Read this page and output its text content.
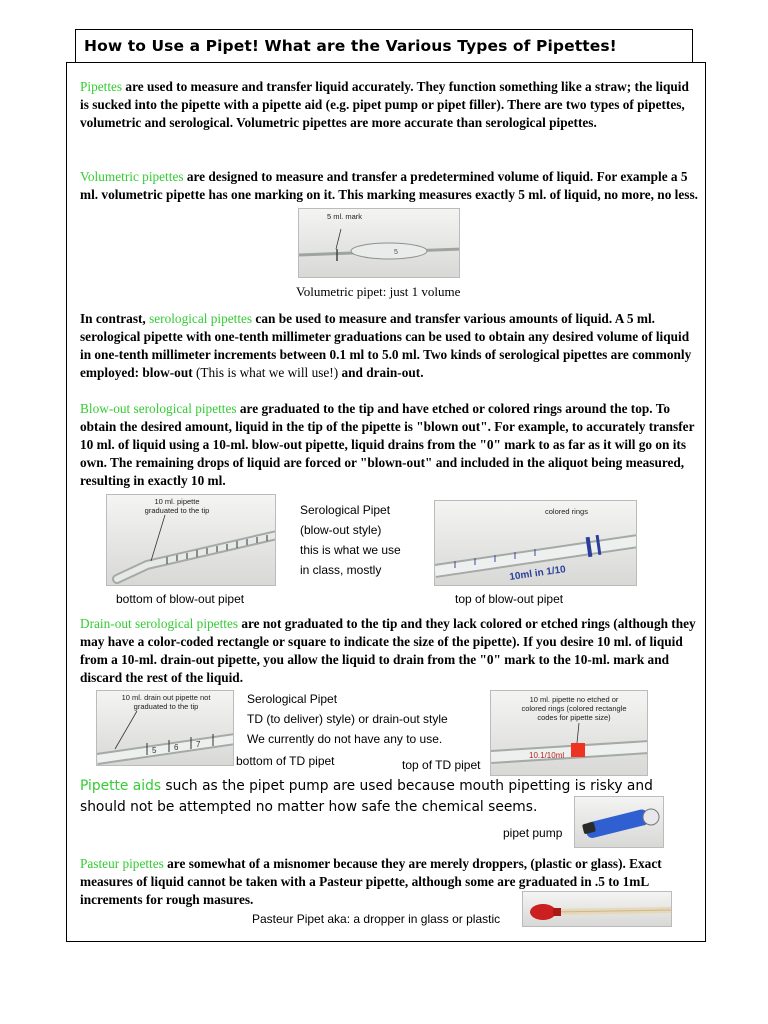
How to Use a Pipet! What are the Various Types of Pipettes!
Pipettes are used to measure and transfer liquid accurately. They function something like a straw; the liquid is sucked into the pipette with a pipette aid (e.g. pipet pump or pipet filler). There are two types of pipettes, volumetric and serological. Volumetric pipettes are more accurate than serological pipettes.
Volumetric pipettes are designed to measure and transfer a predetermined volume of liquid. For example a 5 ml. volumetric pipette has one marking on it. This marking measures exactly 5 ml. of liquid, no more, no less.
5
5 ml. mark
Volumetric pipet: just 1 volume
In contrast, serological pipettes can be used to measure and transfer various amounts of liquid. A 5 ml. serological pipette with one-tenth millimeter graduations can be used to obtain any desired volume of liquid in one-tenth millimeter increments between 0.1 ml to 5.0 ml. Two kinds of serological pipettes are commonly employed: blow-out (This is what we will use!) and drain-out.
Blow-out serological pipettes are graduated to the tip and have etched or colored rings around the top. To obtain the desired amount, liquid in the tip of the pipette is "blown out". For example, to accurately transfer 10 ml. of liquid using a 10-ml. blow-out pipette, liquid drains from the "0" mark to as far as it will go on its own. The remaining drops of liquid are forced or "blown-out" and included in the aliquot being measured, resulting in exactly 10 ml.
10 ml. pipette graduated to the tip	Serological Pipet
(blow-out style)
this is what we use
in class, mostly	10ml in 1/10
colored rings
bottom of blow-out pipet	top of blow-out pipet
Drain-out serological pipettes are not graduated to the tip and they lack colored or etched rings (although they may have a color-coded rectangle or square to indicate the size of the pipette). If you desire 10 ml. of liquid from a 10-ml. drain-out pipette, you allow the liquid to drain from the "0" mark to the 10-ml. mark and discard the rest of the liquid.
5 6 7
10 ml. drain out pipette not graduated to the tip
Serological Pipet
TD (to deliver) style) or drain-out style
We currently do not have any to use.
bottom of TD pipet	top of TD pipet
10.1/10ml
10 ml. pipette no etched or colored rings (colored rectangle codes for pipette size)
Pipette aids such as the pipet pump are used because mouth pipetting is risky and should not be attempted no matter how safe the chemical seems.
pipet pump
Pasteur pipettes are somewhat of a misnomer because they are merely droppers, (plastic or glass). Exact measures of liquid cannot be taken with a Pasteur pipette, although some are graduated in .5 to 1mL increments for rough masures.
Pasteur Pipet aka: a dropper in glass or plastic
